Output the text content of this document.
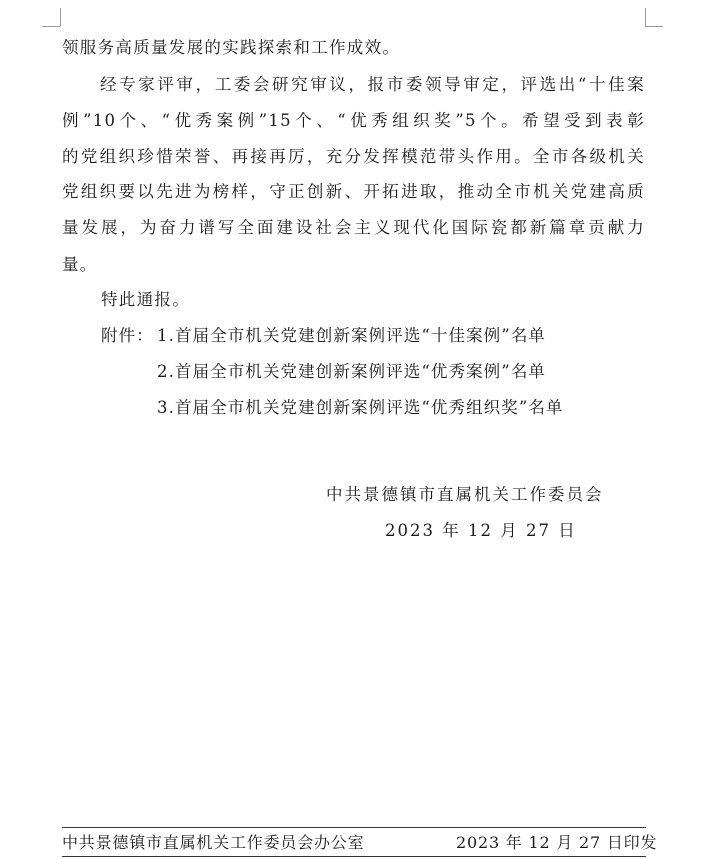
领服务高质量发展的实践探索和工作成效。
经专家评审，工委会研究审议，报市委领导审定，评选出“十佳案
例”10个、“优秀案例”15个、“优秀组织奖”5个。希望受到表彰
的党组织珍惜荣誉、再接再厉，充分发挥模范带头作用。全市各级机关
党组织要以先进为榜样，守正创新、开拓进取，推动全市机关党建高质
量发展，为奋力谱写全面建设社会主义现代化国际瓷都新篇章贡献力
量。
特此通报。
附件： 1.首届全市机关党建创新案例评选“十佳案例”名单
2.首届全市机关党建创新案例评选“优秀案例”名单
3.首届全市机关党建创新案例评选“优秀组织奖”名单
中共景德镇市直属机关工作委员会
2023 年 12 月 27 日
中共景德镇市直属机关工作委员会办公室	2023 年 12 月 27 日印发
